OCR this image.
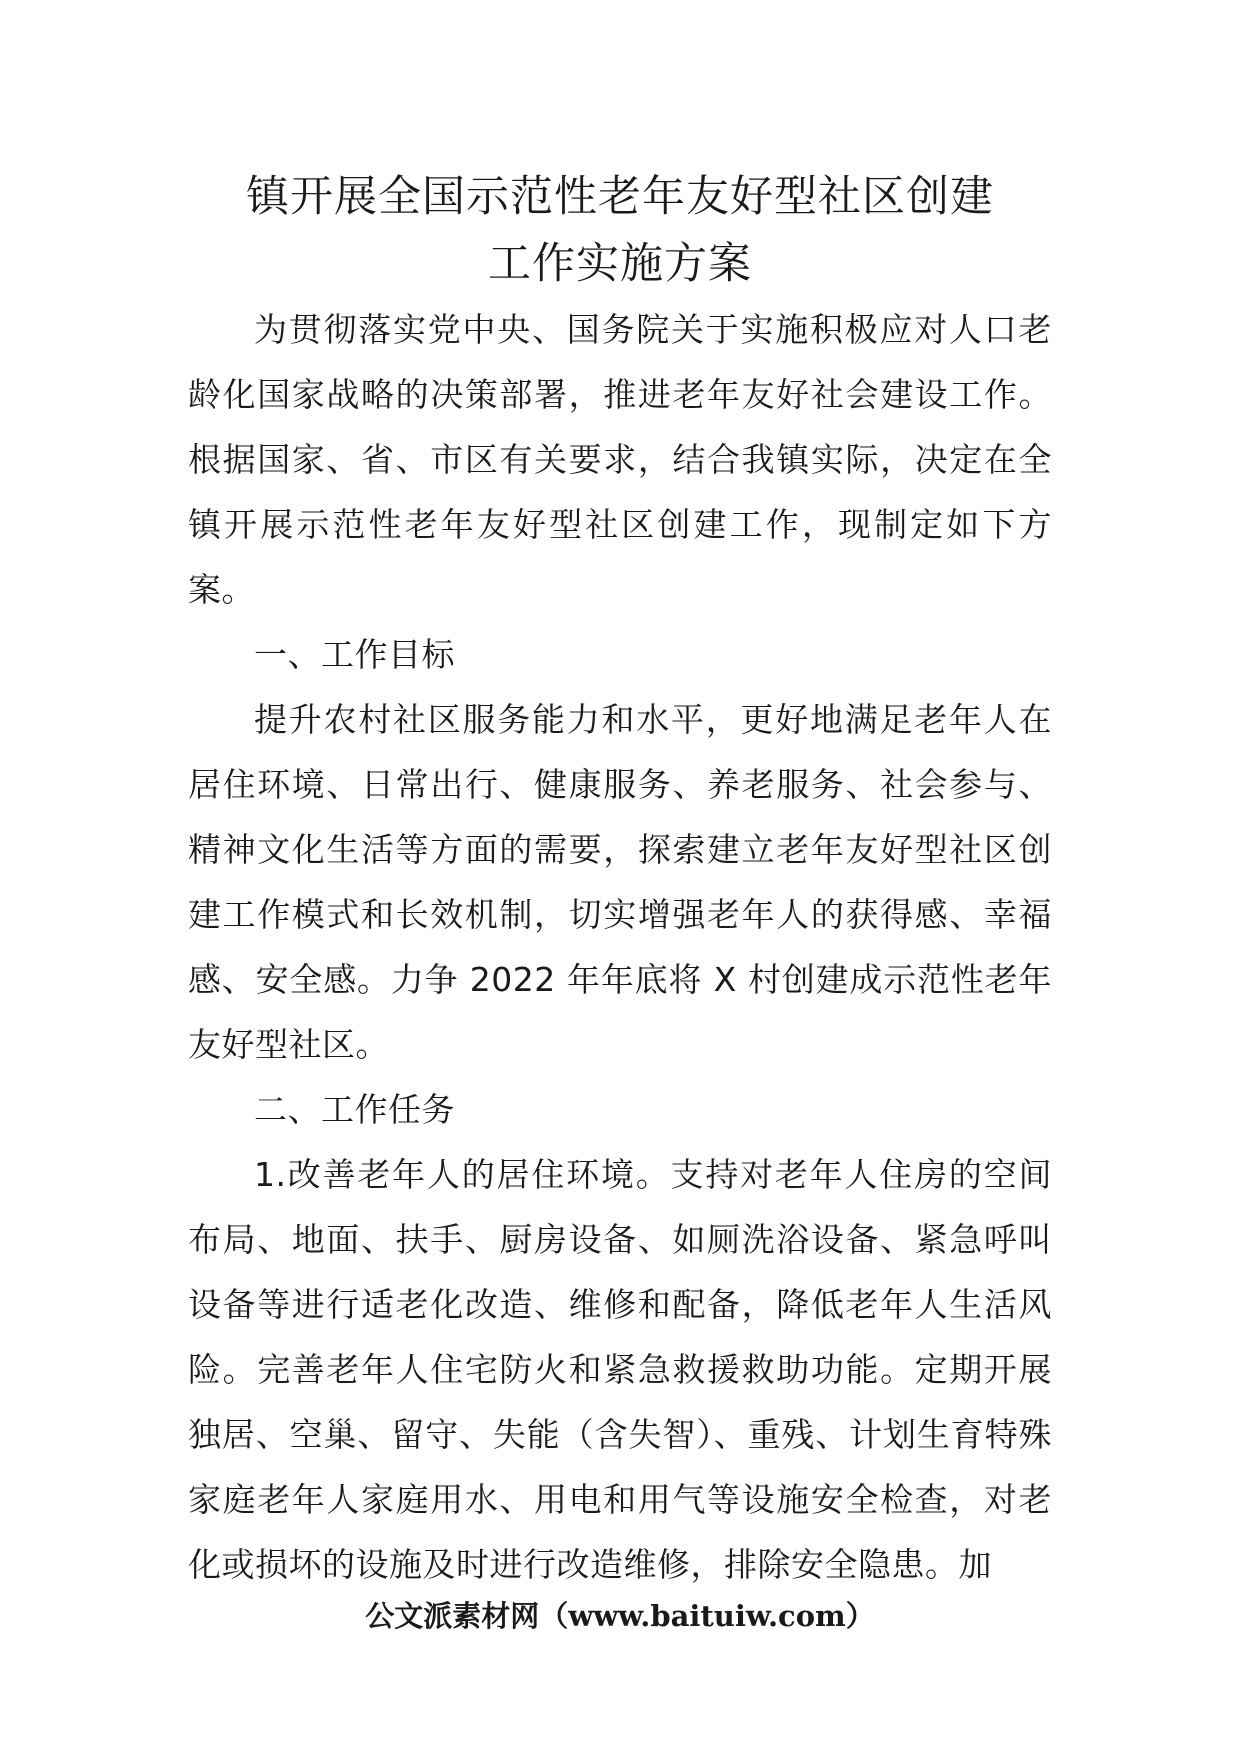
镇开展全国示范性老年友好型社区创建
工作实施方案

为贯彻落实党中央、国务院关于实施积极应对人口老龄化国家战略的决策部署，推进老年友好社会建设工作。根据国家、省、市区有关要求，结合我镇实际，决定在全镇开展示范性老年友好型社区创建工作，现制定如下方案。

一、工作目标

提升农村社区服务能力和水平，更好地满足老年人在居住环境、日常出行、健康服务、养老服务、社会参与、精神文化生活等方面的需要，探索建立老年友好型社区创建工作模式和长效机制，切实增强老年人的获得感、幸福感、安全感。力争 2022 年年底将 X 村创建成示范性老年友好型社区。

二、工作任务

1.改善老年人的居住环境。支持对老年人住房的空间布局、地面、扶手、厨房设备、如厕洗浴设备、紧急呼叫设备等进行适老化改造、维修和配备，降低老年人生活风险。完善老年人住宅防火和紧急救援救助功能。定期开展独居、空巢、留守、失能（含失智）、重残、计划生育特殊家庭老年人家庭用水、用电和用气等设施安全检查，对老化或损坏的设施及时进行改造维修，排除安全隐患。加

公文派素材网（www.baituiw.com）
